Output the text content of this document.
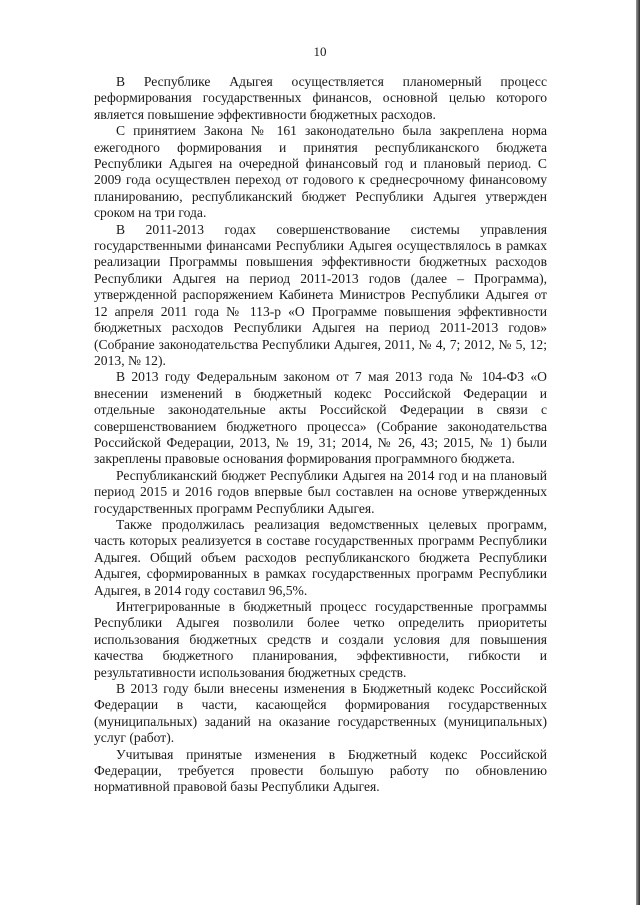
10

В Республике Адыгея осуществляется планомерный процесс реформирования государственных финансов, основной целью которого является повышение эффективности бюджетных расходов.

С принятием Закона № 161 законодательно была закреплена норма ежегодного формирования и принятия республиканского бюджета Республики Адыгея на очередной финансовый год и плановый период. С 2009 года осуществлен переход от годового к среднесрочному финансовому планированию, республиканский бюджет Республики Адыгея утвержден сроком на три года.

В 2011-2013 годах совершенствование системы управления государственными финансами Республики Адыгея осуществлялось в рамках реализации Программы повышения эффективности бюджетных расходов Республики Адыгея на период 2011-2013 годов (далее – Программа), утвержденной распоряжением Кабинета Министров Республики Адыгея от 12 апреля 2011 года № 113-р «О Программе повышения эффективности бюджетных расходов Республики Адыгея на период 2011-2013 годов» (Собрание законодательства Республики Адыгея, 2011, № 4, 7; 2012, № 5, 12; 2013, № 12).

В 2013 году Федеральным законом от 7 мая 2013 года № 104-ФЗ «О внесении изменений в бюджетный кодекс Российской Федерации и отдельные законодательные акты Российской Федерации в связи с совершенствованием бюджетного процесса» (Собрание законодательства Российской Федерации, 2013, № 19, 31; 2014, № 26, 43; 2015, № 1) были закреплены правовые основания формирования программного бюджета.

Республиканский бюджет Республики Адыгея на 2014 год и на плановый период 2015 и 2016 годов впервые был составлен на основе утвержденных государственных программ Республики Адыгея.

Также продолжилась реализация ведомственных целевых программ, часть которых реализуется в составе государственных программ Республики Адыгея. Общий объем расходов республиканского бюджета Республики Адыгея, сформированных в рамках государственных программ Республики Адыгея, в 2014 году составил 96,5%.

Интегрированные в бюджетный процесс государственные программы Республики Адыгея позволили более четко определить приоритеты использования бюджетных средств и создали условия для повышения качества бюджетного планирования, эффективности, гибкости и результативности использования бюджетных средств.

В 2013 году были внесены изменения в Бюджетный кодекс Российской Федерации в части, касающейся формирования государственных (муниципальных) заданий на оказание государственных (муниципальных) услуг (работ).

Учитывая принятые изменения в Бюджетный кодекс Российской Федерации, требуется провести большую работу по обновлению нормативной правовой базы Республики Адыгея.
